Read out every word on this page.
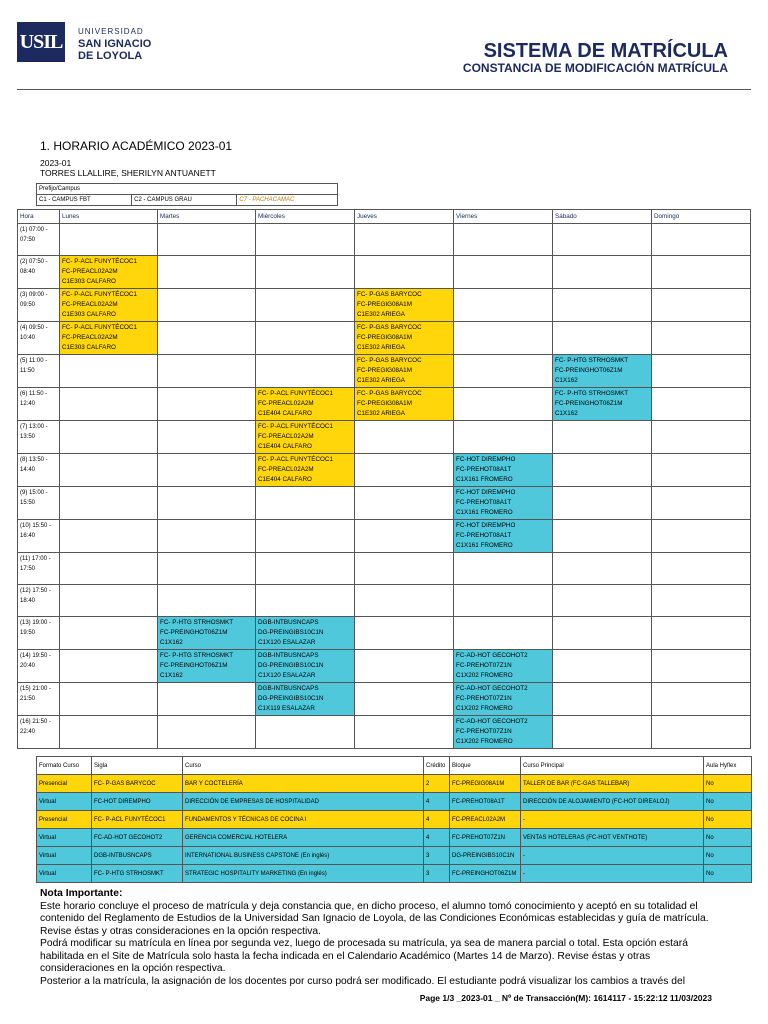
USIL	UNIVERSIDAD
SAN IGNACIO
DE LOYOLA	SISTEMA DE MATRÍCULA
CONSTANCIA DE MODIFICACIÓN MATRÍCULA
1. HORARIO ACADÉMICO 2023-01
2023-01
TORRES LLALLIRE, SHERILYN ANTUANETT
Prefijo/Campus
C1 - CAMPUS FBT	C2 - CAMPUS GRAU	C7 - PACHACAMAC
Hora	Lunes	Martes	Miércoles	Jueves	Viernes	Sábado	Domingo
(1) 07:00 - 07:50							
(2) 07:50 - 08:40	FC- P-ACL FUNYTÉCOC1
FC-PREACL02A2M
C1E303 CALFARO						

(3) 09:00 - 09:50	FC- P-ACL FUNYTÉCOC1
FC-PREACL02A2M
C1E303 CALFARO			FC- P-GAS BARYCOC
FC-PREGIG08A1M
C1E302 ARIEGA			

(4) 09:50 - 10:40	FC- P-ACL FUNYTÉCOC1
FC-PREACL02A2M
C1E303 CALFARO			FC- P-GAS BARYCOC
FC-PREGIG08A1M
C1E302 ARIEGA			

(5) 11:00 - 11:50				FC- P-GAS BARYCOC
FC-PREGIG08A1M
C1E302 ARIEGA		FC- P-HTG STRHOSMKT
FC-PREINGHOT06Z1M
C1X162	

(6) 11:50 - 12:40			FC- P-ACL FUNYTÉCOC1
FC-PREACL02A2M
C1E404 CALFARO	FC- P-GAS BARYCOC
FC-PREGIG08A1M
C1E302 ARIEGA		FC- P-HTG STRHOSMKT
FC-PREINGHOT06Z1M
C1X162	

(7) 13:00 - 13:50			FC- P-ACL FUNYTÉCOC1
FC-PREACL02A2M
C1E404 CALFARO				

(8) 13:50 - 14:40			FC- P-ACL FUNYTÉCOC1
FC-PREACL02A2M
C1E404 CALFARO		FC-HOT DIREMPHO
FC-PREHOT08A1T
C1X161 FROMERO		

(9) 15:00 - 15:50					FC-HOT DIREMPHO
FC-PREHOT08A1T
C1X161 FROMERO		

(10) 15:50 - 16:40					FC-HOT DIREMPHO
FC-PREHOT08A1T
C1X161 FROMERO		

(11) 17:00 - 17:50							
(12) 17:50 - 18:40							
(13) 19:00 - 19:50		FC- P-HTG STRHOSMKT
FC-PREINGHOT06Z1M
C1X162	DGB-INTBUSNCAPS
DG-PREINGIBS10C1N
C1X120 ESALAZAR				

(14) 19:50 - 20:40		FC- P-HTG STRHOSMKT
FC-PREINGHOT06Z1M
C1X162	DGB-INTBUSNCAPS
DG-PREINGIBS10C1N
C1X120 ESALAZAR		FC-AD-HOT GECOHOT2
FC-PREHOT07Z1N
C1X202 FROMERO		

(15) 21:00 - 21:50			DGB-INTBUSNCAPS
DG-PREINGIBS10C1N
C1X119 ESALAZAR		FC-AD-HOT GECOHOT2
FC-PREHOT07Z1N
C1X202 FROMERO		

(16) 21:50 - 22:40					FC-AD-HOT GECOHOT2
FC-PREHOT07Z1N
C1X202 FROMERO		

Formato Curso	Sigla	Curso	Crédito	Bloque	Curso Principal	Aula Hyflex
Presencial	FC- P-GAS BARYCOC	BAR Y COCTELERÍA	2	FC-PREGIG08A1M	TALLER DE BAR (FC-GAS TALLEBAR)	No
Virtual	FC-HOT DIREMPHO	DIRECCIÓN DE EMPRESAS DE HOSPITALIDAD	4	FC-PREHOT08A1T	DIRECCIÓN DE ALOJAMIENTO (FC-HOT DIREALOJ)	No
Presencial	FC- P-ACL FUNYTÉCOC1	FUNDAMENTOS Y TÉCNICAS DE COCINA I	4	FC-PREACL02A2M	-	No
Virtual	FC-AD-HOT GECOHOT2	GERENCIA COMERCIAL HOTELERA	4	FC-PREHOT07Z1N	VENTAS HOTELERAS (FC-HOT VENTHOTE)	No
Virtual	DGB-INTBUSNCAPS	INTERNATIONAL BUSINESS CAPSTONE (En inglés)	3	DG-PREINGIBS10C1N	-	No
Virtual	FC- P-HTG STRHOSMKT	STRATEGIC HOSPITALITY MARKETING (En inglés)	3	FC-PREINGHOT06Z1M	-	No
Nota Importante:
Este horario concluye el proceso de matrícula y deja constancia que, en dicho proceso, el alumno tomó conocimiento y aceptó en su totalidad el contenido del Reglamento de Estudios de la Universidad San Ignacio de Loyola, de las Condiciones Económicas establecidas y guía de matrícula. Revise éstas y otras consideraciones en la opción respectiva.
Podrá modificar su matrícula en línea por segunda vez, luego de procesada su matrícula, ya sea de manera parcial o total. Esta opción estará habilitada en el Site de Matrícula solo hasta la fecha indicada en el Calendario Académico (Martes 14 de Marzo). Revise éstas y otras consideraciones en la opción respectiva.
Posterior a la matrícula, la asignación de los docentes por curso podrá ser modificado. El estudiante podrá visualizar los cambios a través del
Page 1/3 _2023-01 _ Nº de Transacción(M): 1614117 - 15:22:12 11/03/2023
